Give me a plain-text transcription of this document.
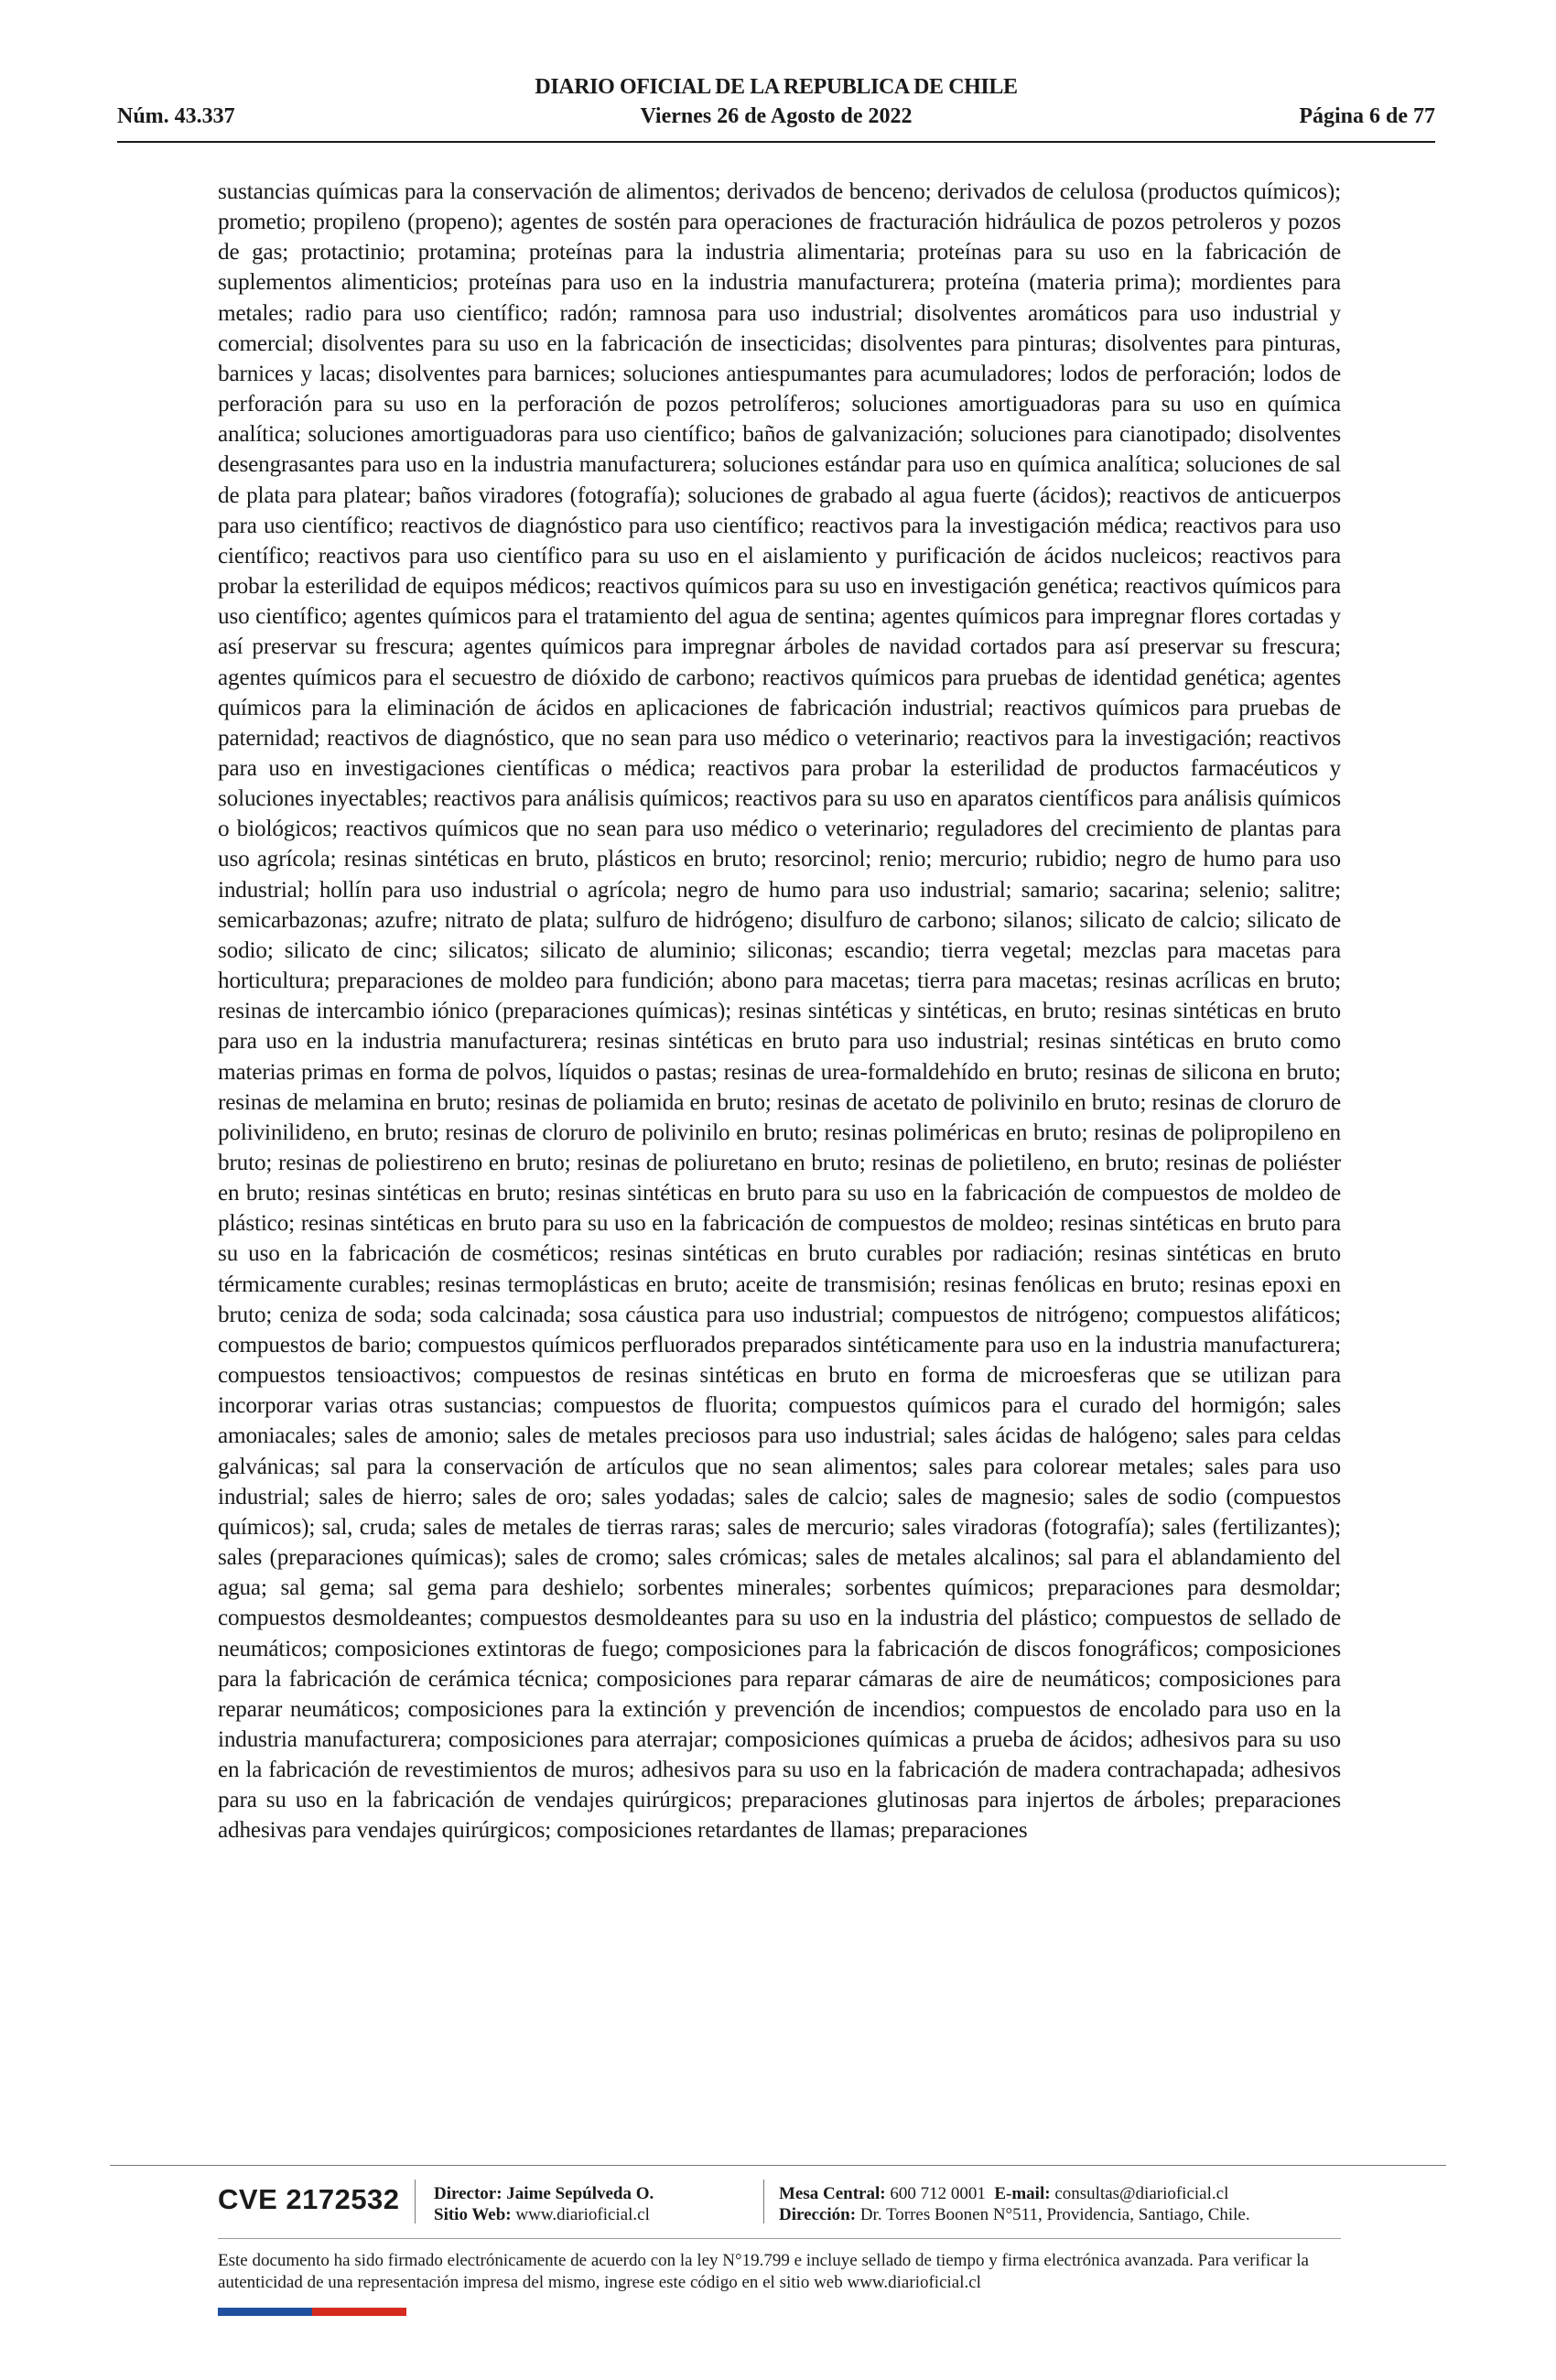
DIARIO OFICIAL DE LA REPUBLICA DE CHILE
Núm. 43.337	Viernes 26 de Agosto de 2022	Página 6 de 77
sustancias químicas para la conservación de alimentos; derivados de benceno; derivados de celulosa (productos químicos); prometio; propileno (propeno); agentes de sostén para operaciones de fracturación hidráulica de pozos petroleros y pozos de gas; protactinio; protamina; proteínas para la industria alimentaria; proteínas para su uso en la fabricación de suplementos alimenticios; proteínas para uso en la industria manufacturera; proteína (materia prima); mordientes para metales; radio para uso científico; radón; ramnosa para uso industrial; disolventes aromáticos para uso industrial y comercial; disolventes para su uso en la fabricación de insecticidas; disolventes para pinturas; disolventes para pinturas, barnices y lacas; disolventes para barnices; soluciones antiespumantes para acumuladores; lodos de perforación; lodos de perforación para su uso en la perforación de pozos petrolíferos; soluciones amortiguadoras para su uso en química analítica; soluciones amortiguadoras para uso científico; baños de galvanización; soluciones para cianotipado; disolventes desengrasantes para uso en la industria manufacturera; soluciones estándar para uso en química analítica; soluciones de sal de plata para platear; baños viradores (fotografía); soluciones de grabado al agua fuerte (ácidos); reactivos de anticuerpos para uso científico; reactivos de diagnóstico para uso científico; reactivos para la investigación médica; reactivos para uso científico; reactivos para uso científico para su uso en el aislamiento y purificación de ácidos nucleicos; reactivos para probar la esterilidad de equipos médicos; reactivos químicos para su uso en investigación genética; reactivos químicos para uso científico; agentes químicos para el tratamiento del agua de sentina; agentes químicos para impregnar flores cortadas y así preservar su frescura; agentes químicos para impregnar árboles de navidad cortados para así preservar su frescura; agentes químicos para el secuestro de dióxido de carbono; reactivos químicos para pruebas de identidad genética; agentes químicos para la eliminación de ácidos en aplicaciones de fabricación industrial; reactivos químicos para pruebas de paternidad; reactivos de diagnóstico, que no sean para uso médico o veterinario; reactivos para la investigación; reactivos para uso en investigaciones científicas o médica; reactivos para probar la esterilidad de productos farmacéuticos y soluciones inyectables; reactivos para análisis químicos; reactivos para su uso en aparatos científicos para análisis químicos o biológicos; reactivos químicos que no sean para uso médico o veterinario; reguladores del crecimiento de plantas para uso agrícola; resinas sintéticas en bruto, plásticos en bruto; resorcinol; renio; mercurio; rubidio; negro de humo para uso industrial; hollín para uso industrial o agrícola; negro de humo para uso industrial; samario; sacarina; selenio; salitre; semicarbazonas; azufre; nitrato de plata; sulfuro de hidrógeno; disulfuro de carbono; silanos; silicato de calcio; silicato de sodio; silicato de cinc; silicatos; silicato de aluminio; siliconas; escandio; tierra vegetal; mezclas para macetas para horticultura; preparaciones de moldeo para fundición; abono para macetas; tierra para macetas; resinas acrílicas en bruto; resinas de intercambio iónico (preparaciones químicas); resinas sintéticas y sintéticas, en bruto; resinas sintéticas en bruto para uso en la industria manufacturera; resinas sintéticas en bruto para uso industrial; resinas sintéticas en bruto como materias primas en forma de polvos, líquidos o pastas; resinas de urea-formaldehído en bruto; resinas de silicona en bruto; resinas de melamina en bruto; resinas de poliamida en bruto; resinas de acetato de polivinilo en bruto; resinas de cloruro de polivinilideno, en bruto; resinas de cloruro de polivinilo en bruto; resinas poliméricas en bruto; resinas de polipropileno en bruto; resinas de poliestireno en bruto; resinas de poliuretano en bruto; resinas de polietileno, en bruto; resinas de poliéster en bruto; resinas sintéticas en bruto; resinas sintéticas en bruto para su uso en la fabricación de compuestos de moldeo de plástico; resinas sintéticas en bruto para su uso en la fabricación de compuestos de moldeo; resinas sintéticas en bruto para su uso en la fabricación de cosméticos; resinas sintéticas en bruto curables por radiación; resinas sintéticas en bruto térmicamente curables; resinas termoplásticas en bruto; aceite de transmisión; resinas fenólicas en bruto; resinas epoxi en bruto; ceniza de soda; soda calcinada; sosa cáustica para uso industrial; compuestos de nitrógeno; compuestos alifáticos; compuestos de bario; compuestos químicos perfluorados preparados sintéticamente para uso en la industria manufacturera; compuestos tensioactivos; compuestos de resinas sintéticas en bruto en forma de microesferas que se utilizan para incorporar varias otras sustancias; compuestos de fluorita; compuestos químicos para el curado del hormigón; sales amoniacales; sales de amonio; sales de metales preciosos para uso industrial; sales ácidas de halógeno; sales para celdas galvánicas; sal para la conservación de artículos que no sean alimentos; sales para colorear metales; sales para uso industrial; sales de hierro; sales de oro; sales yodadas; sales de calcio; sales de magnesio; sales de sodio (compuestos químicos); sal, cruda; sales de metales de tierras raras; sales de mercurio; sales viradoras (fotografía); sales (fertilizantes); sales (preparaciones químicas); sales de cromo; sales crómicas; sales de metales alcalinos; sal para el ablandamiento del agua; sal gema; sal gema para deshielo; sorbentes minerales; sorbentes químicos; preparaciones para desmoldar; compuestos desmoldeantes; compuestos desmoldeantes para su uso en la industria del plástico; compuestos de sellado de neumáticos; composiciones extintoras de fuego; composiciones para la fabricación de discos fonográficos; composiciones para la fabricación de cerámica técnica; composiciones para reparar cámaras de aire de neumáticos; composiciones para reparar neumáticos; composiciones para la extinción y prevención de incendios; compuestos de encolado para uso en la industria manufacturera; composiciones para aterrajar; composiciones químicas a prueba de ácidos; adhesivos para su uso en la fabricación de revestimientos de muros; adhesivos para su uso en la fabricación de madera contrachapada; adhesivos para su uso en la fabricación de vendajes quirúrgicos; preparaciones glutinosas para injertos de árboles; preparaciones adhesivas para vendajes quirúrgicos; composiciones retardantes de llamas; preparaciones
CVE 2172532 Director: Jaime Sepúlveda O.
Sitio Web: www.diarioficial.cl
Mesa Central: 600 712 0001 E-mail: consultas@diarioficial.cl
Dirección: Dr. Torres Boonen N°511, Providencia, Santiago, Chile.
Este documento ha sido firmado electrónicamente de acuerdo con la ley N°19.799 e incluye sellado de tiempo y firma electrónica avanzada. Para verificar la autenticidad de una representación impresa del mismo, ingrese este código en el sitio web www.diarioficial.cl
